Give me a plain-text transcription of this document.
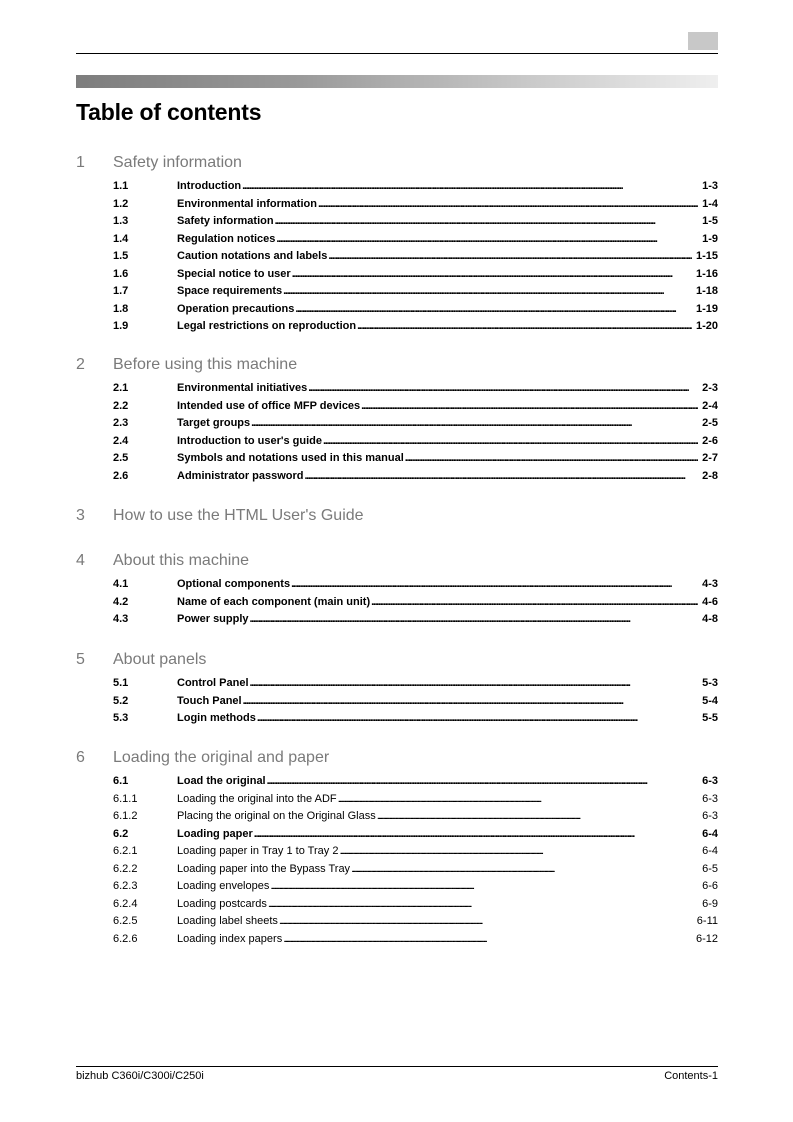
Table of contents
1 Safety information
1.1	Introduction . . .	1-3
1.2	Environmental information . . .	1-4
1.3	Safety information . . .	1-5
1.4	Regulation notices . . .	1-9
1.5	Caution notations and labels . . .	1-15
1.6	Special notice to user . . .	1-16
1.7	Space requirements . . .	1-18
1.8	Operation precautions . . .	1-19
1.9	Legal restrictions on reproduction . . .	1-20
2 Before using this machine
2.1	Environmental initiatives . . .	2-3
2.2	Intended use of office MFP devices . . .	2-4
2.3	Target groups . . .	2-5
2.4	Introduction to user's guide . . .	2-6
2.5	Symbols and notations used in this manual . . .	2-7
2.6	Administrator password . . .	2-8
3 How to use the HTML User's Guide
4 About this machine
4.1	Optional components . . .	4-3
4.2	Name of each component (main unit) . . .	4-6
4.3	Power supply . . .	4-8
5 About panels
5.1	Control Panel . . .	5-3
5.2	Touch Panel . . .	5-4
5.3	Login methods . . .	5-5
6 Loading the original and paper
6.1	Load the original . . .	6-3
6.1.1	Loading the original into the ADF . . .	6-3
6.1.2	Placing the original on the Original Glass . . .	6-3
6.2	Loading paper . . .	6-4
6.2.1	Loading paper in Tray 1 to Tray 2 . . .	6-4
6.2.2	Loading paper into the Bypass Tray . . .	6-5
6.2.3	Loading envelopes . . .	6-6
6.2.4	Loading postcards . . .	6-9
6.2.5	Loading label sheets . . .	6-11
6.2.6	Loading index papers . . .	6-12
bizhub C360i/C300i/C250i	Contents-1
